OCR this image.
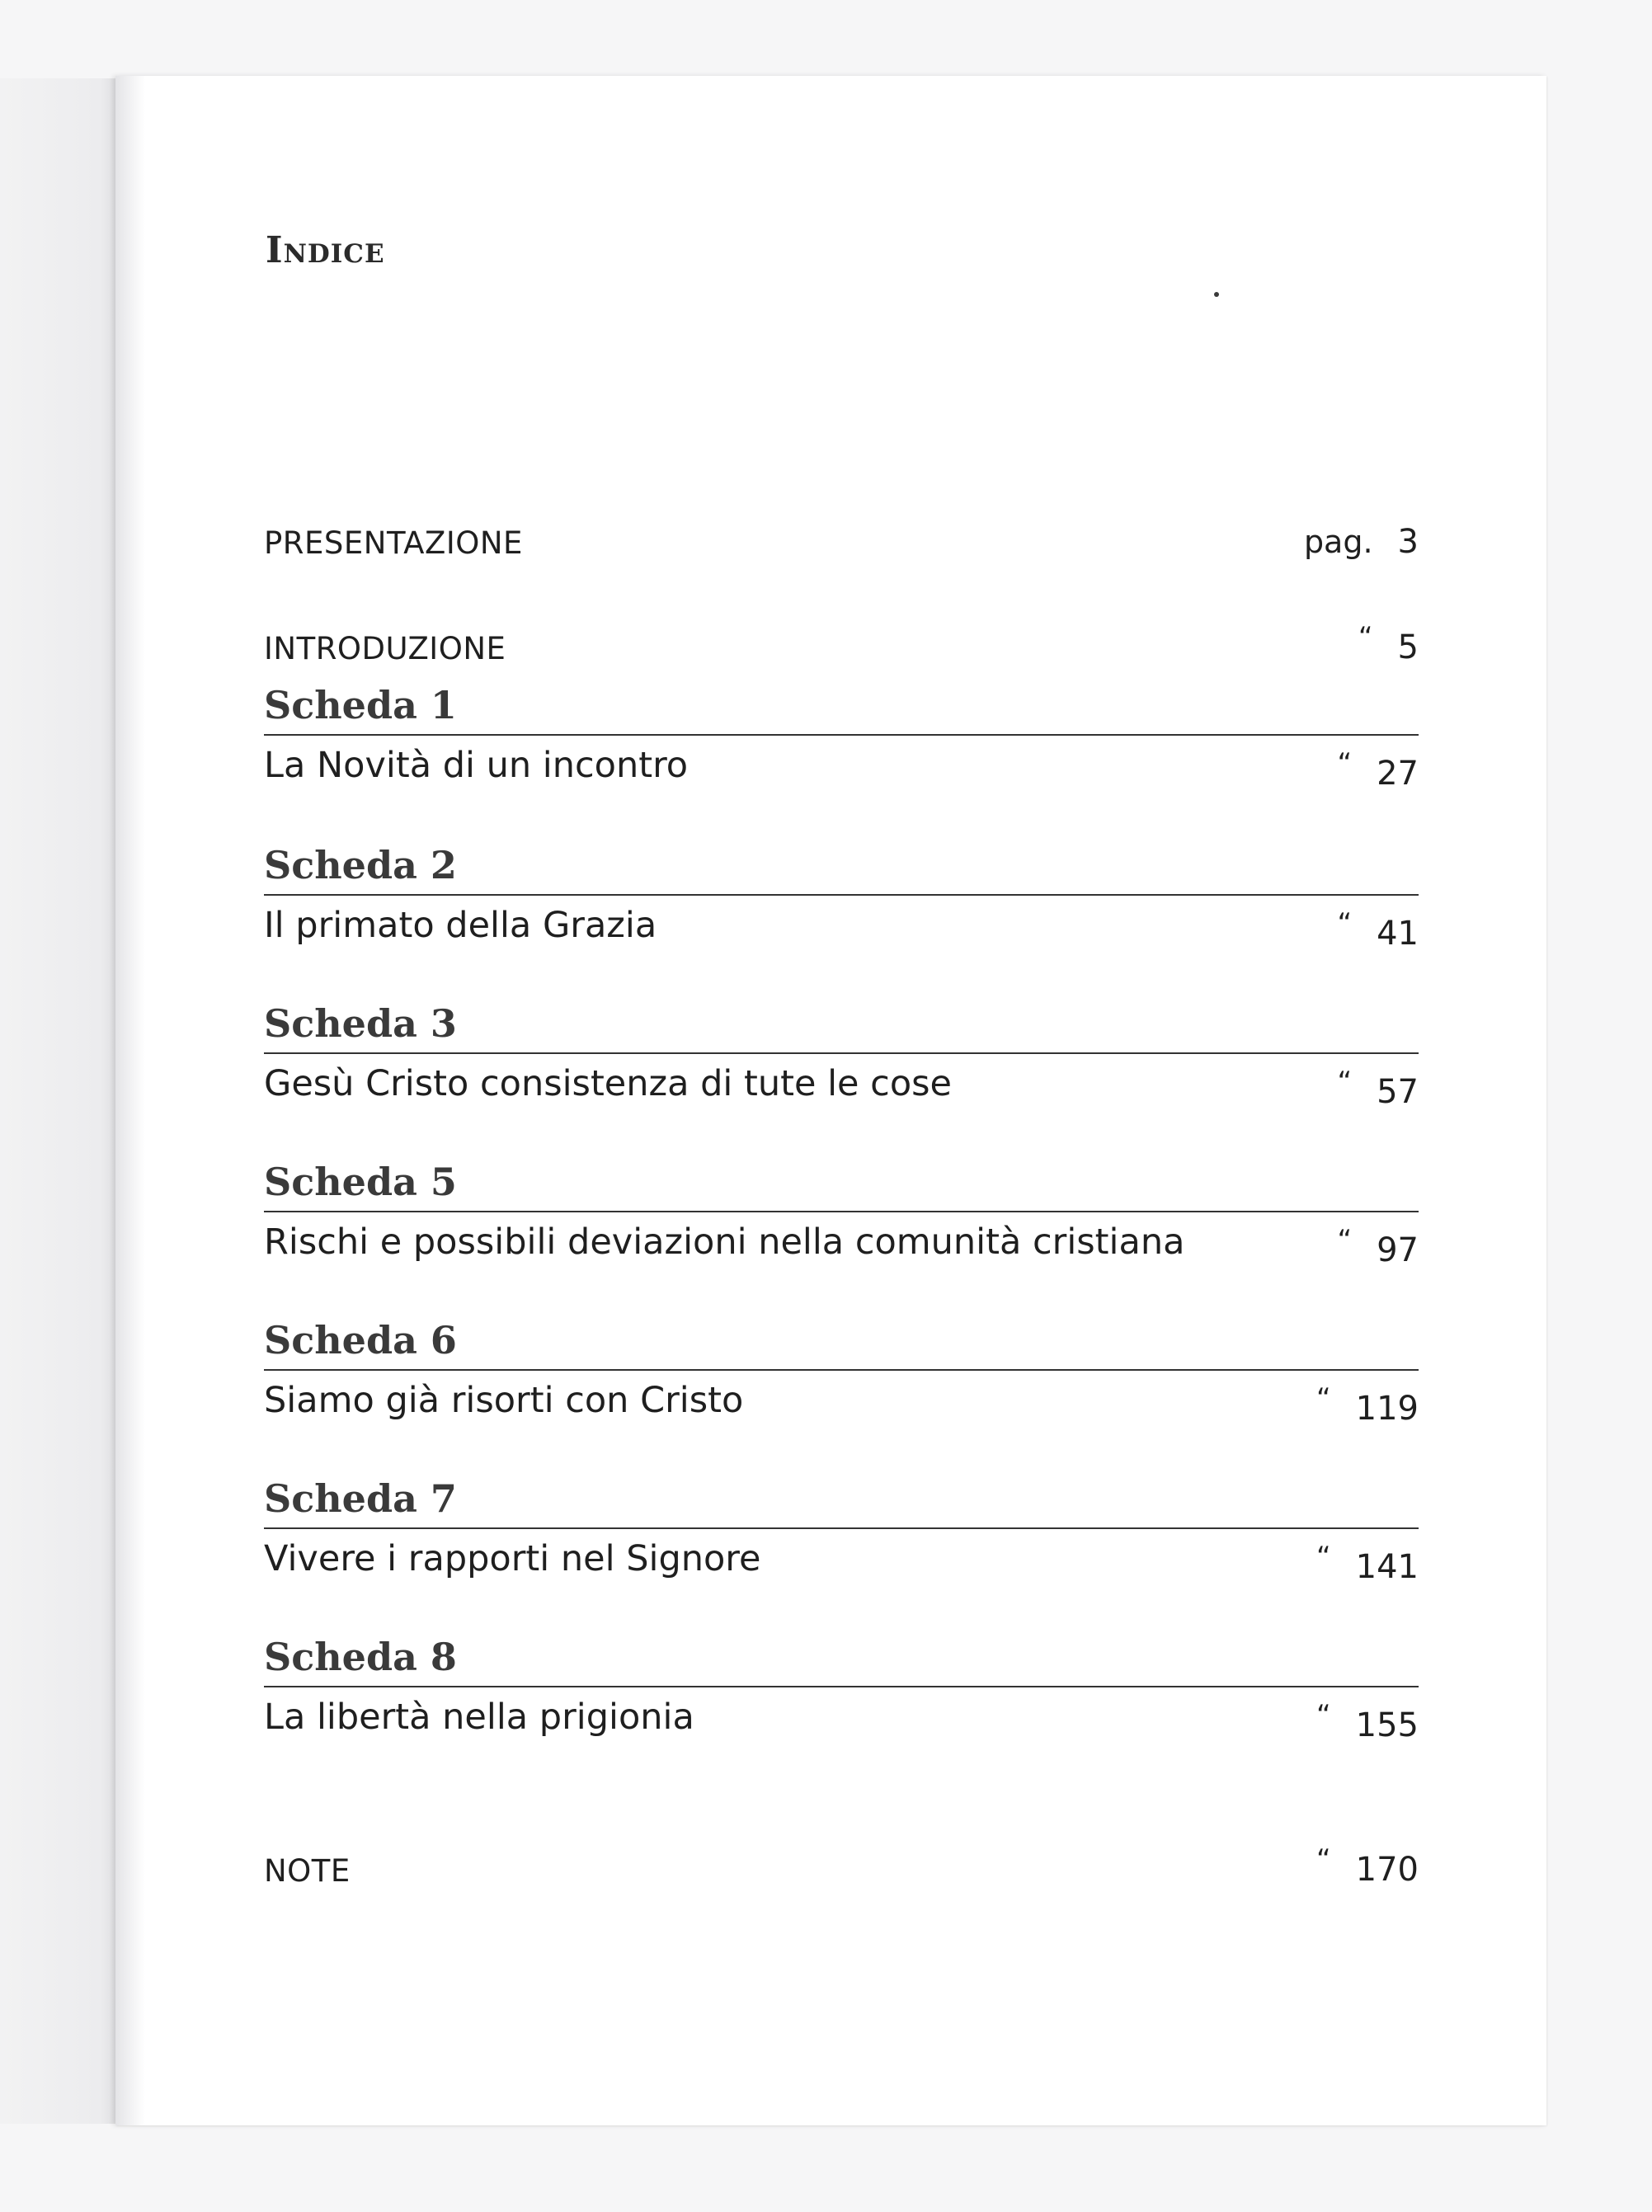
Indice
PRESENTAZIONE	pag. 3
INTRODUZIONE	“ 5
Scheda 1
La Novità di un incontro	“ 27
Scheda 2
Il primato della Grazia	“ 41
Scheda 3
Gesù Cristo consistenza di tute le cose	“ 57
Scheda 5
Rischi e possibili deviazioni nella comunità cristiana	“ 97
Scheda 6
Siamo già risorti con Cristo	“ 119
Scheda 7
Vivere i rapporti nel Signore	“ 141
Scheda 8
La libertà nella prigionia	“ 155
NOTE	“ 170
